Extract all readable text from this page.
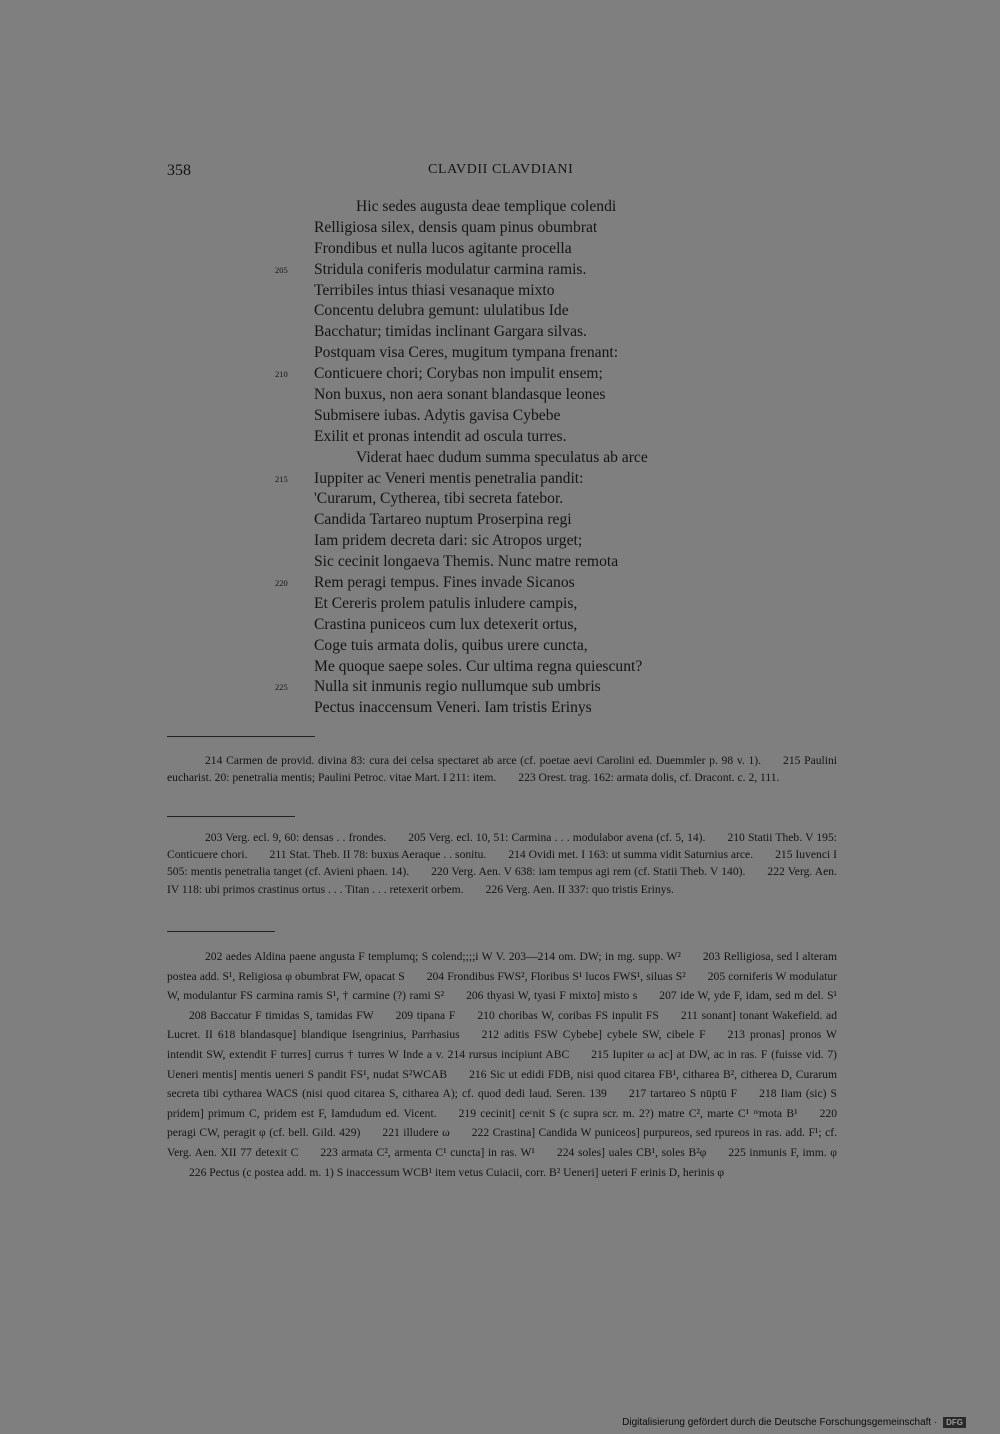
358	CLAVDII CLAVDIANI
Hic sedes augusta deae templique colendi
Relligiosa silex, densis quam pinus obumbrat
Frondibus et nulla lucos agitante procella
205 Stridula coniferis modulatur carmina ramis.
Terribiles intus thiasi vesanaque mixto
Concentu delubra gemunt: ululatibus Ide
Bacchatur; timidas inclinant Gargara silvas.
Postquam visa Ceres, mugitum tympana frenant:
210 Conticuere chori; Corybas non impulit ensem;
Non buxus, non aera sonant blandasque leones
Submisere iubas. Adytis gavisa Cybebe
Exilit et pronas intendit ad oscula turres.
Viderat haec dudum summa speculatus ab arce
215 Iuppiter ac Veneri mentis penetralia pandit:
'Curarum, Cytherea, tibi secreta fatebor.
Candida Tartareo nuptum Proserpina regi
Iam pridem decreta dari: sic Atropos urget;
Sic cecinit longaeva Themis. Nunc matre remota
220 Rem peragi tempus. Fines invade Sicanos
Et Cereris prolem patulis inludere campis,
Crastina puniceos cum lux detexerit ortus,
Coge tuis armata dolis, quibus urere cuncta,
Me quoque saepe soles. Cur ultima regna quiescunt?
225 Nulla sit inmunis regio nullumque sub umbris
Pectus inaccensum Veneri. Iam tristis Erinys

214 Carmen de provid. divina 83: cura dei celsa spectaret ab arce (cf. poetae aevi Carolini ed. Duemmler p. 98 v. 1). 215 Paulini eucharist. 20: penetralia mentis; Paulini Petroc. vitae Mart. I 211: item. 223 Orest. trag. 162: armata dolis, cf. Dracont. c. 2, 111.

203 Verg. ecl. 9, 60: densas . . frondes. 205 Verg. ecl. 10, 51: Carmina . . . modulabor avena (cf. 5, 14). 210 Statii Theb. V 195: Conticuere chori. 211 Stat. Theb. II 78: buxus Aeraque . . sonitu. 214 Ovidi met. I 163: ut summa vidit Saturnius arce. 215 Iuvenci I 505: mentis penetralia tanget (cf. Avieni phaen. 14). 220 Verg. Aen. V 638: iam tempus agi rem (cf. Statii Theb. V 140). 222 Verg. Aen. IV 118: ubi primos crastinus ortus . . . Titan . . . retexerit orbem. 226 Verg. Aen. II 337: quo tristis Erinys.

202 aedes Aldina paene angusta F templumq; S colend;;;;i W V. 203—214 om. DW; in mg. supp. W² 203 Relligiosa, sed l alteram postea add. S¹, Religiosa φ obumbrat FW, opacat S 204 Frondibus FWS², Floribus S¹ lucos FWS¹, siluas S² 205 corniferis W modulatur W, modulantur FS carmina ramis S¹, † carmine (?) rami S² 206 thyasi W, tyasi F mixto] misto s 207 ide W, yde F, idam, sed m del. S¹208 Baccatur F timidas S, tamidas FW 209 tipana F 210 choribas W, coribas FS inpulit FS 211 sonant] tonant Wakefield. ad Lucret. II 618 blandasque] blandique Isengrinius, Parrhasius 212 aditis FSW Cybebe] cybele SW, cibele F 213 pronas] pronos W intendit SW, extendit F turres] currus † turres W Inde a v. 214 rursus incipiunt ABC 215 Iupiter ω ac] at DW, ac in ras. F (fuisse vid. 7) Ueneri mentis] mentis ueneri S pandit FS¹, nudat S²WCAB 216 Sic ut edidi FDB, nisi quod citarea FB¹, citharea B², citherea D, Curarum secreta tibi cytharea WACS (nisi quod citarea S, citharea A); cf. quod dedi laud. Seren. 139 217 tartareo S nūptū F 218 Iiam (sic) S pridem] primum C, pridem est F, Iamdudum ed. Vicent. 219 cecinit] ceᶜnit S (c supra scr. m. 2?) matre C², marte C¹ ʳᵉmota B¹ 220 peragi CW, peragit φ (cf. bell. Gild. 429) 221 illudere ω 222 Crastina] Candida W puniceos] purpureos, sed rpureos in ras. add. F¹; cf. Verg. Aen. XII 77 detexit C 223 armata C², armenta C¹ cuncta] in ras. W¹ 224 soles] uales CB¹, soles B²φ 225 inmunis F, imm. φ226 Pectus (c postea add. m. 1) S inaccessum WCB¹ item vetus Cuiacii, corr. B² Ueneri] ueteri F erinis D, herinis φ

Digitalisierung gefördert durch die Deutsche Forschungsgemeinschaft · DFG
